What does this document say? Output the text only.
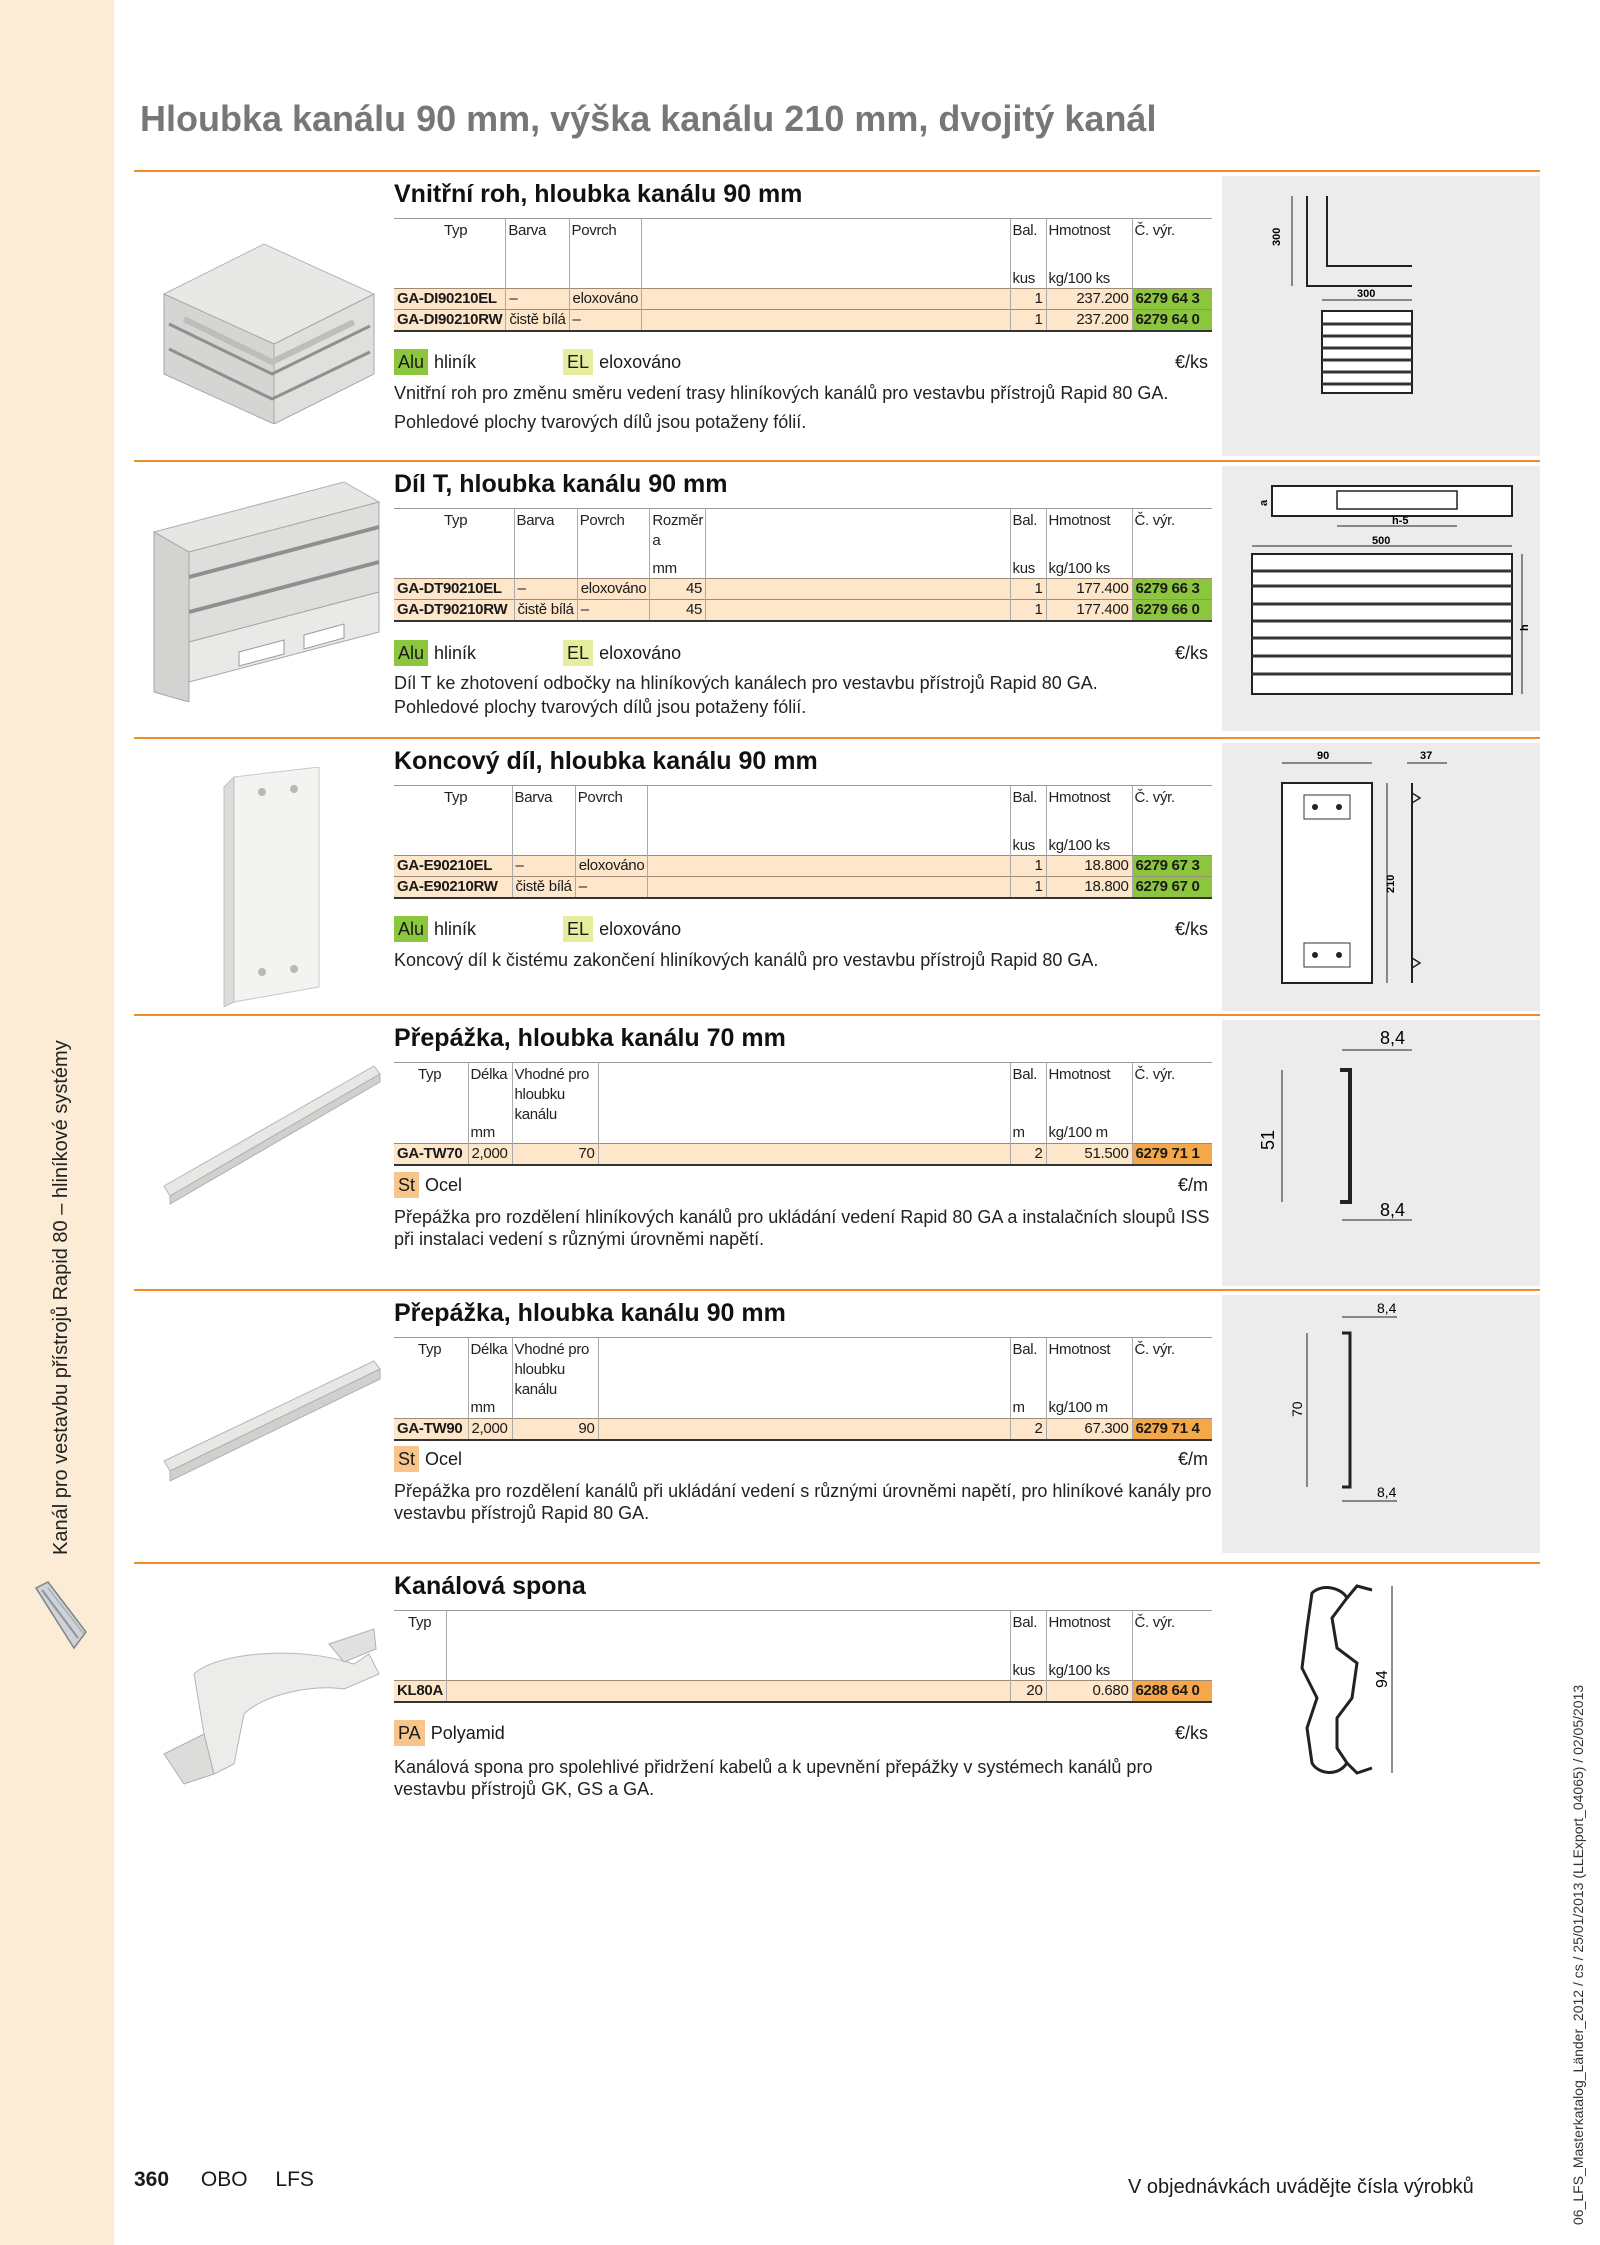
Kanál pro vestavbu přístrojů Rapid 80 – hliníkové systémy
06_LFS_Masterkatalog_Länder_2012 / cs / 25/01/2013 (LLExport_04065) / 02/05/2013
Hloubka kanálu 90 mm, výška kanálu 210 mm, dvojitý kanál
Vnitřní roh, hloubka kanálu 90 mm
Typ	Barva	Povrch		Bal.	Hmotnost	Č. výr.
				kus	kg/100 ks	
GA-DI90210EL	–	eloxováno		1	237.200	6279 64 3
GA-DI90210RW	čistě bílá	–		1	237.200	6279 64 0
Alu hliník	EL eloxováno	€/ks

Vnitřní roh pro změnu směru vedení trasy hliníkových kanálů pro vestavbu přístrojů Rapid 80 GA.

Pohledové plochy tvarových dílů jsou potaženy fólií.

300
300
Díl T, hloubka kanálu 90 mm
Typ	Barva	Povrch	Rozměr a		Bal.	Hmotnost	Č. výr.
			mm		kus	kg/100 ks	
GA-DT90210EL	–	eloxováno	45		1	177.400	6279 66 3
GA-DT90210RW	čistě bílá	–	45		1	177.400	6279 66 0
Alu hliník	EL eloxováno	€/ks

Díl T ke zhotovení odbočky na hliníkových kanálech pro vestavbu přístrojů Rapid 80 GA.

Pohledové plochy tvarových dílů jsou potaženy fólií.

a
h-5
500
h
Koncový díl, hloubka kanálu 90 mm
Typ	Barva	Povrch		Bal.	Hmotnost	Č. výr.
				kus	kg/100 ks	
GA-E90210EL	–	eloxováno		1	18.800	6279 67 3
GA-E90210RW	čistě bílá	–		1	18.800	6279 67 0
Alu hliník	EL eloxováno	€/ks

Koncový díl k čistému zakončení hliníkových kanálů pro vestavbu přístrojů Rapid 80 GA.

90	37
210
Přepážka, hloubka kanálu 70 mm
Typ	Délka	Vhodné pro hloubku kanálu		Bal.	Hmotnost	Č. výr.
	mm			m	kg/100 m	
GA-TW70	2,000	70		2	51.500	6279 71 1
St Ocel	€/m

Přepážka pro rozdělení hliníkových kanálů pro ukládání vedení Rapid 80 GA a instalačních sloupů ISS při instalaci vedení s různými úrovněmi napětí.

8,4
51
8,4
Přepážka, hloubka kanálu 90 mm
Typ	Délka	Vhodné pro hloubku kanálu		Bal.	Hmotnost	Č. výr.
	mm			m	kg/100 m	
GA-TW90	2,000	90		2	67.300	6279 71 4
St Ocel	€/m

Přepážka pro rozdělení kanálů při ukládání vedení s různými úrovněmi napětí, pro hliníkové kanály pro vestavbu přístrojů Rapid 80 GA.

8,4
70
8,4
Kanálová spona
Typ		Bal.	Hmotnost	Č. výr.
		kus	kg/100 ks	
KL80A		20	0.680	6288 64 0
PA Polyamid	€/ks

Kanálová spona pro spolehlivé přidržení kabelů a k upevnění přepážky v systémech kanálů pro vestavbu přístrojů GK, GS a GA.

94
360 OBO LFS	V objednávkách uvádějte čísla výrobků
